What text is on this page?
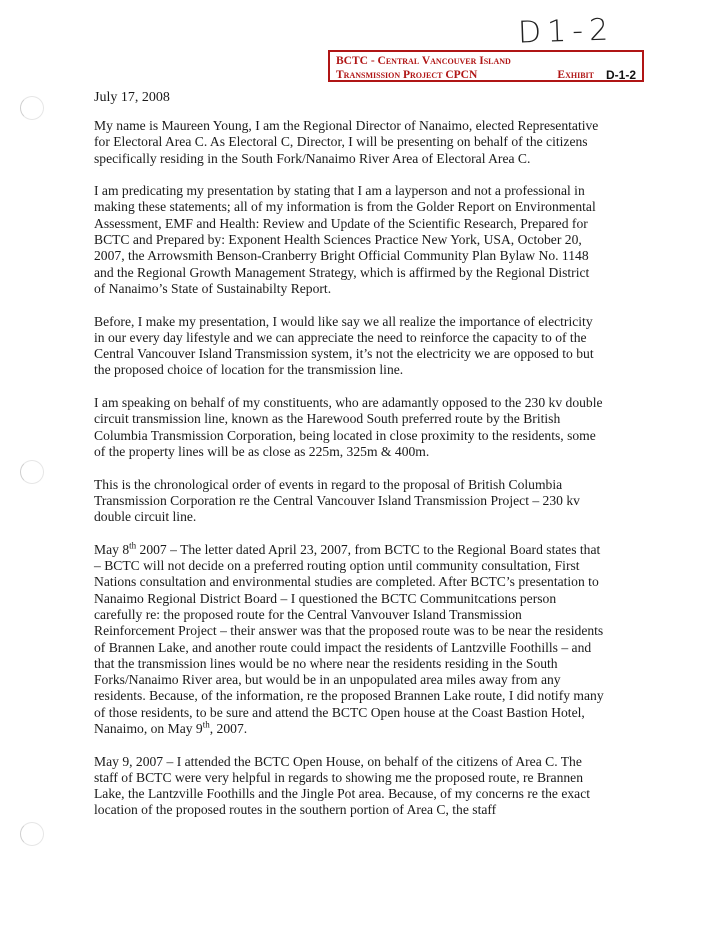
D1-2
BCTC - Central Vancouver Island
Transmission Project CPCN	Exhibit D-1-2
July 17, 2008

My name is Maureen Young, I am the Regional Director of Nanaimo, elected Representative for Electoral Area C. As Electoral C, Director, I will be presenting on behalf of the citizens specifically residing in the South Fork/Nanaimo River Area of Electoral Area C.

I am predicating my presentation by stating that I am a layperson and not a professional in making these statements; all of my information is from the Golder Report on Environmental Assessment, EMF and Health: Review and Update of the Scientific Research, Prepared for BCTC and Prepared by: Exponent Health Sciences Practice New York, USA, October 20, 2007, the Arrowsmith Benson-Cranberry Bright Official Community Plan Bylaw No. 1148 and the Regional Growth Management Strategy, which is affirmed by the Regional District of Nanaimo’s State of Sustainabilty Report.

Before, I make my presentation, I would like say we all realize the importance of electricity in our every day lifestyle and we can appreciate the need to reinforce the capacity to of the Central Vancouver Island Transmission system, it’s not the electricity we are opposed to but the proposed choice of location for the transmission line.

I am speaking on behalf of my constituents, who are adamantly opposed to the 230 kv double circuit transmission line, known as the Harewood South preferred route by the British Columbia Transmission Corporation, being located in close proximity to the residents, some of the property lines will be as close as 225m, 325m & 400m.

This is the chronological order of events in regard to the proposal of British Columbia Transmission Corporation re the Central Vancouver Island Transmission Project – 230 kv double circuit line.

May 8th 2007 – The letter dated April 23, 2007, from BCTC to the Regional Board states that – BCTC will not decide on a preferred routing option until community consultation, First Nations consultation and environmental studies are completed. After BCTC’s presentation to Nanaimo Regional District Board – I questioned the BCTC Communitcations person carefully re: the proposed route for the Central Vanvouver Island Transmission Reinforcement Project – their answer was that the proposed route was to be near the residents of Brannen Lake, and another route could impact the residents of Lantzville Foothills – and that the transmission lines would be no where near the residents residing in the South Forks/Nanaimo River area, but would be in an unpopulated area miles away from any residents. Because, of the information, re the proposed Brannen Lake route, I did notify many of those residents, to be sure and attend the BCTC Open house at the Coast Bastion Hotel, Nanaimo, on May 9th, 2007.

May 9, 2007 – I attended the BCTC Open House, on behalf of the citizens of Area C. The staff of BCTC were very helpful in regards to showing me the proposed route, re Brannen Lake, the Lantzville Foothills and the Jingle Pot area. Because, of my concerns re the exact location of the proposed routes in the southern portion of Area C, the staff
